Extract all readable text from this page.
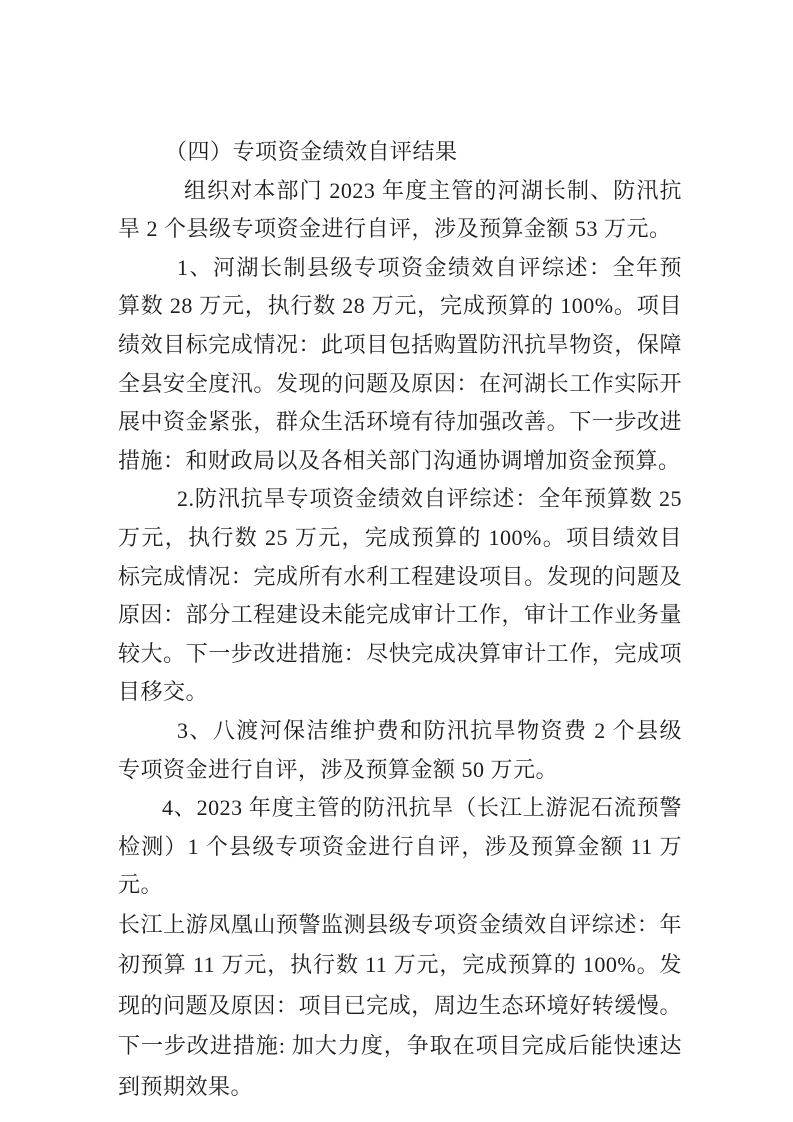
（四）专项资金绩效自评结果

组织对本部门 2023 年度主管的河湖长制、防汛抗旱 2 个县级专项资金进行自评，涉及预算金额 53 万元。

1、河湖长制县级专项资金绩效自评综述：全年预算数 28 万元，执行数 28 万元，完成预算的 100%。项目绩效目标完成情况：此项目包括购置防汛抗旱物资，保障全县安全度汛。发现的问题及原因：在河湖长工作实际开展中资金紧张，群众生活环境有待加强改善。下一步改进措施：和财政局以及各相关部门沟通协调增加资金预算。

2.防汛抗旱专项资金绩效自评综述：全年预算数 25 万元，执行数 25 万元，完成预算的 100%。项目绩效目标完成情况：完成所有水利工程建设项目。发现的问题及原因：部分工程建设未能完成审计工作，审计工作业务量较大。下一步改进措施：尽快完成决算审计工作，完成项目移交。

3、八渡河保洁维护费和防汛抗旱物资费 2 个县级专项资金进行自评，涉及预算金额 50 万元。

4、2023 年度主管的防汛抗旱（长江上游泥石流预警检测）1 个县级专项资金进行自评，涉及预算金额 11 万元。

长江上游凤凰山预警监测县级专项资金绩效自评综述：年初预算 11 万元，执行数 11 万元，完成预算的 100%。发现的问题及原因：项目已完成，周边生态环境好转缓慢。下一步改进措施: 加大力度，争取在项目完成后能快速达到预期效果。
